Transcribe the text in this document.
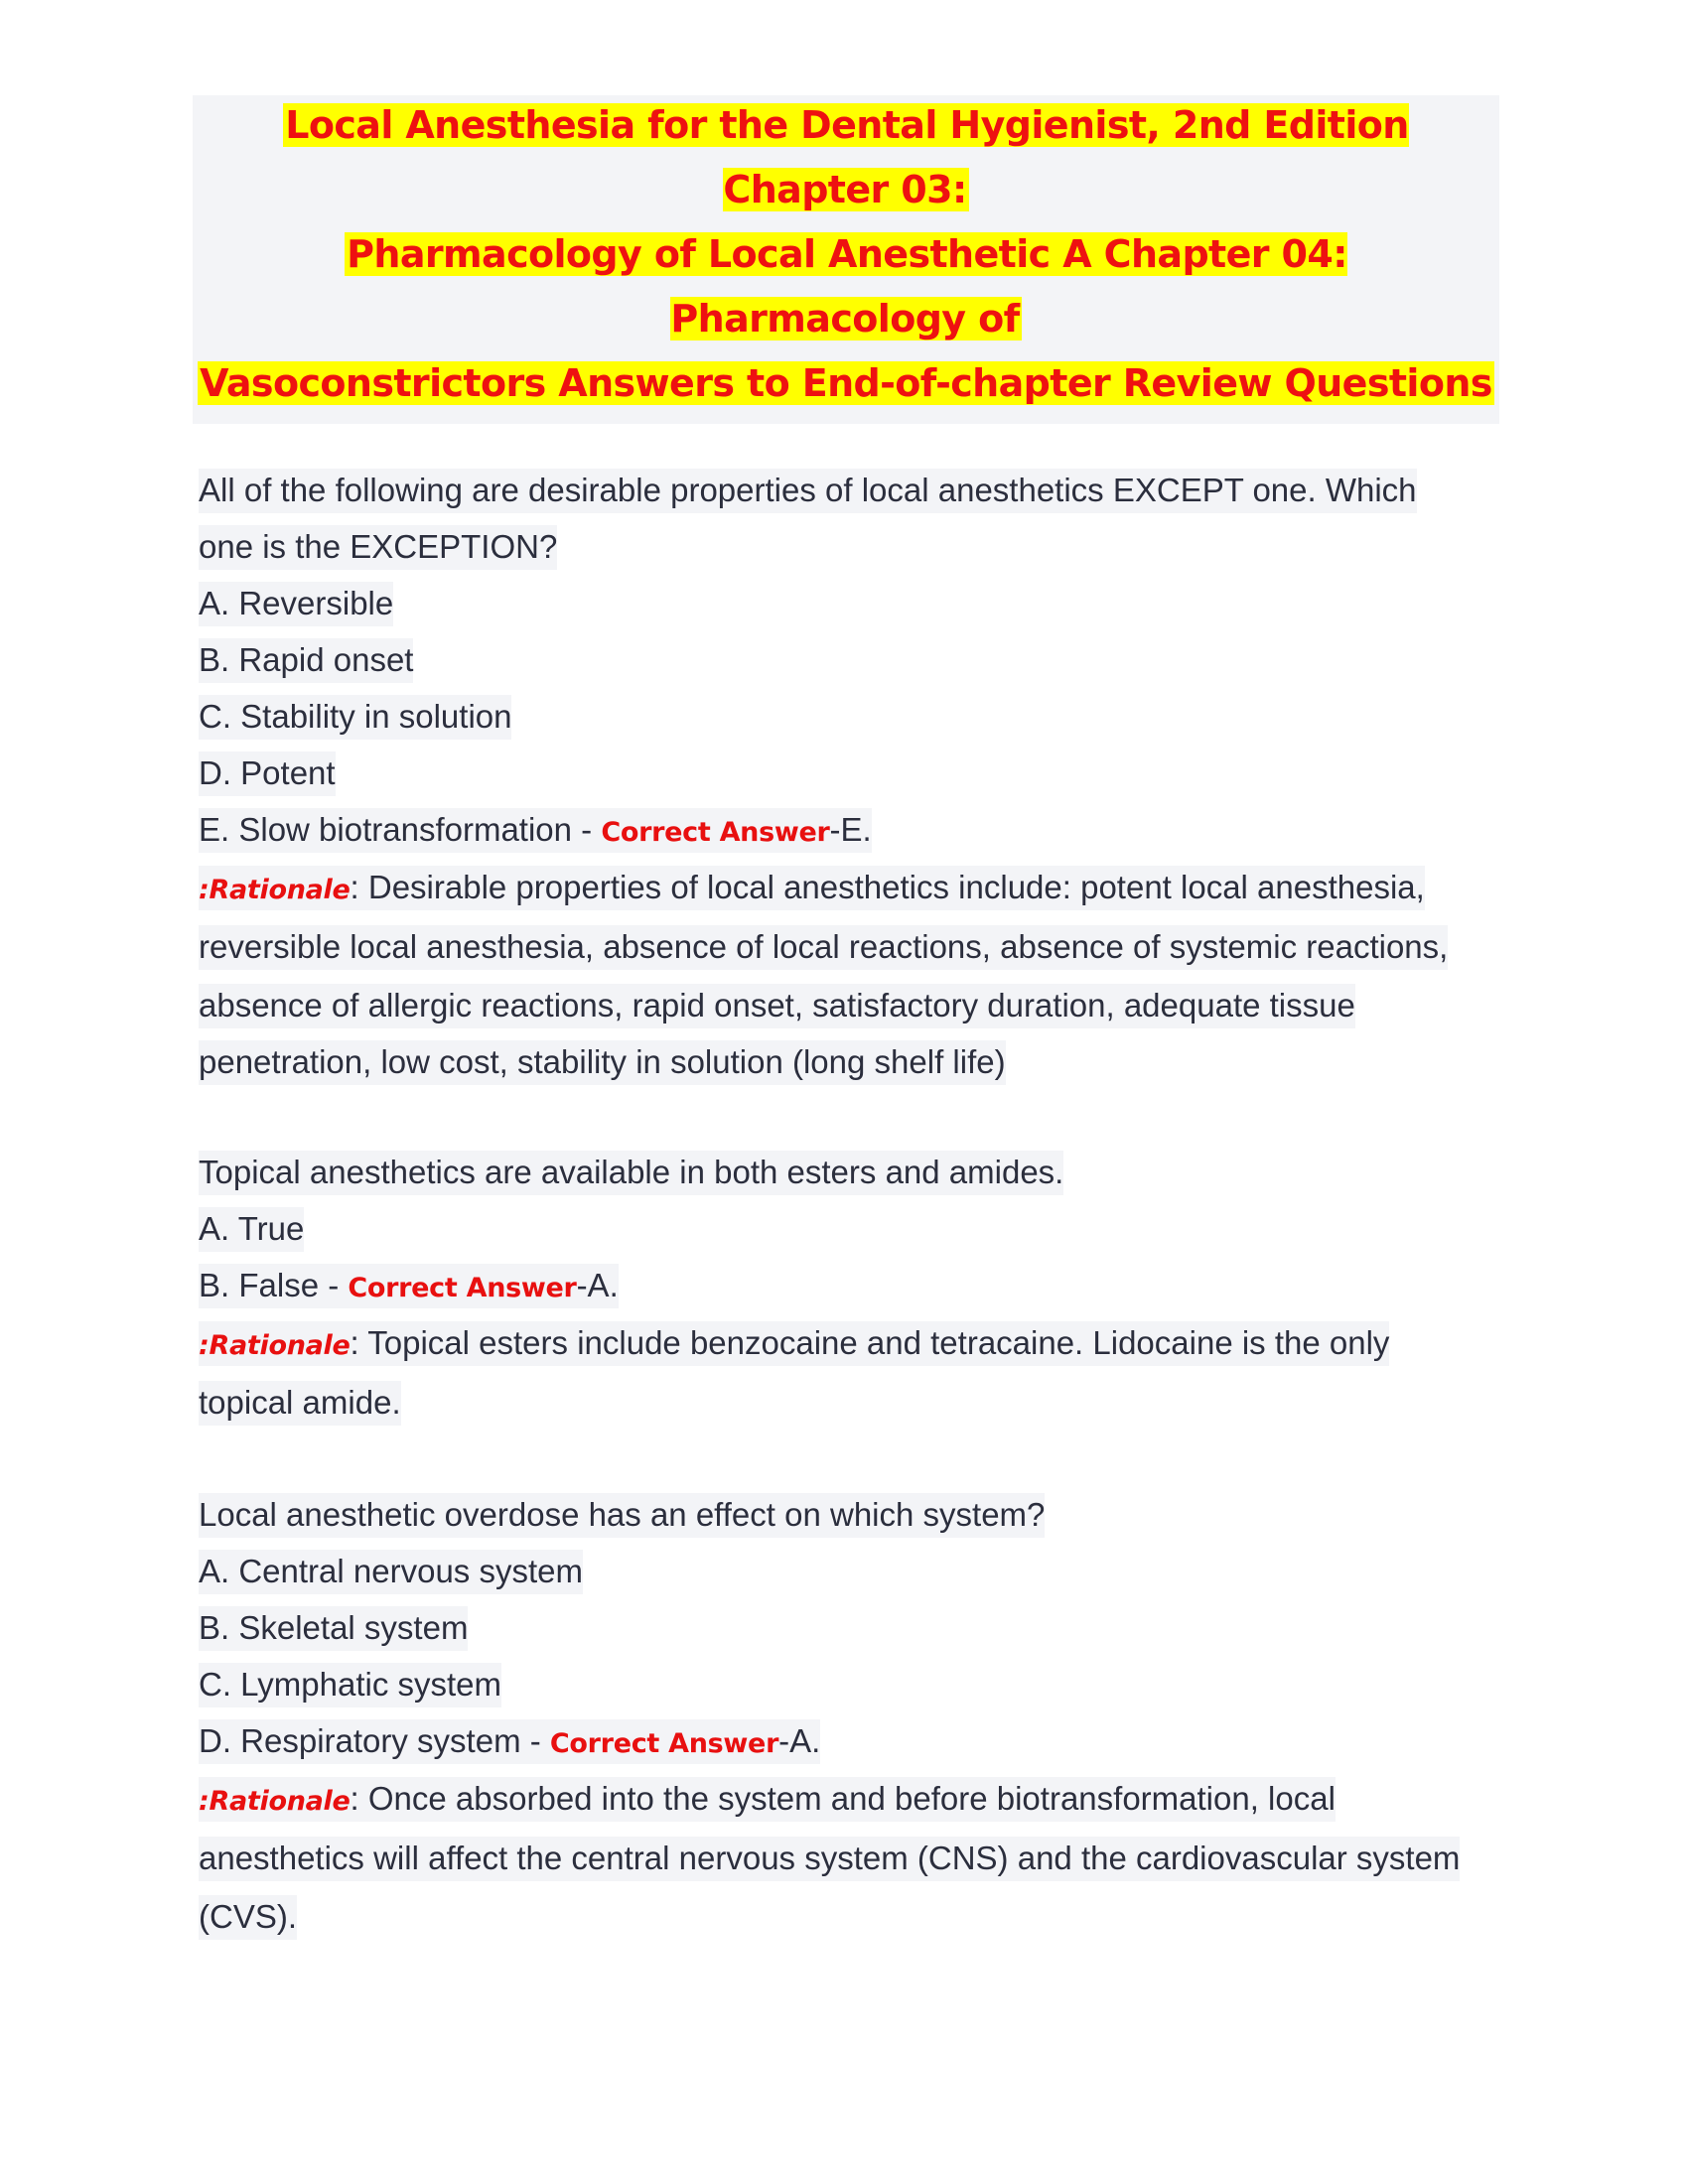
Local Anesthesia for the Dental Hygienist, 2nd Edition Chapter 03:
Pharmacology of Local Anesthetic A Chapter 04: Pharmacology of
Vasoconstrictors Answers to End-of-chapter Review Questions
All of the following are desirable properties of local anesthetics EXCEPT one. Which
one is the EXCEPTION?
A. Reversible
B. Rapid onset
C. Stability in solution
D. Potent
E. Slow biotransformation - Correct Answer-E.
:Rationale: Desirable properties of local anesthetics include: potent local anesthesia,
reversible local anesthesia, absence of local reactions, absence of systemic reactions,
absence of allergic reactions, rapid onset, satisfactory duration, adequate tissue
penetration, low cost, stability in solution (long shelf life)
Topical anesthetics are available in both esters and amides.
A. True
B. False - Correct Answer-A.
:Rationale: Topical esters include benzocaine and tetracaine. Lidocaine is the only
topical amide.
Local anesthetic overdose has an effect on which system?
A. Central nervous system
B. Skeletal system
C. Lymphatic system
D. Respiratory system - Correct Answer-A.
:Rationale: Once absorbed into the system and before biotransformation, local
anesthetics will affect the central nervous system (CNS) and the cardiovascular system
(CVS).
